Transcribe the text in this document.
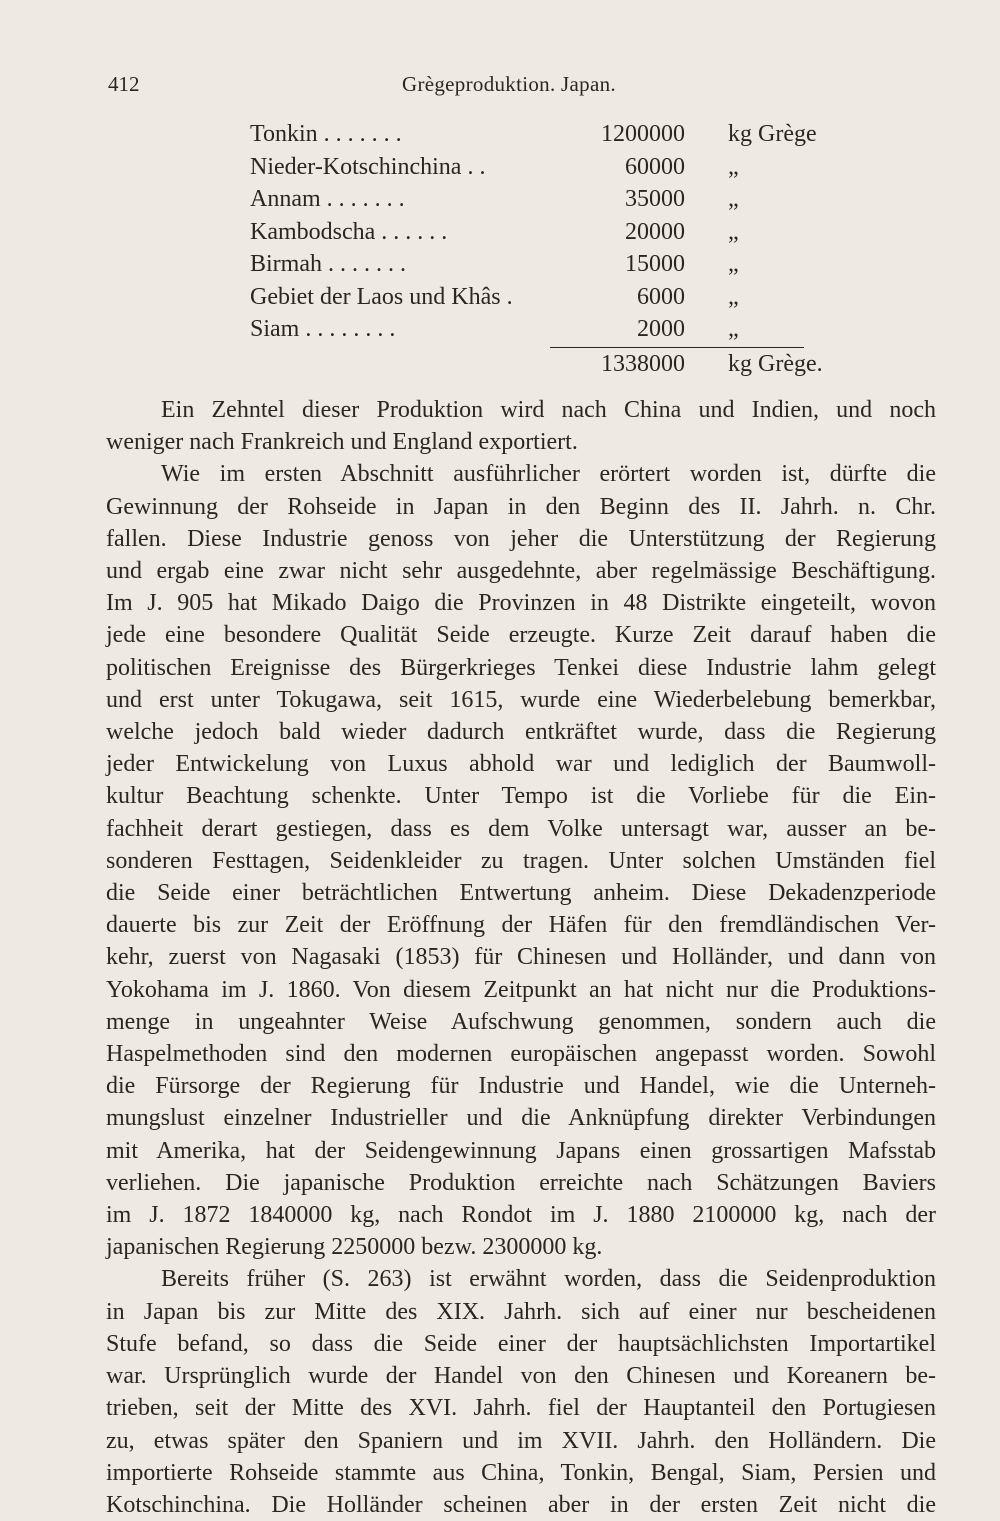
412	Grègeproduktion. Japan.
Tonkin . . . . . . .	1200000 kg Grège
Nieder-Kotschinchina . .	60000 „
Annam . . . . . . .	35000 „
Kambodscha . . . . . .	20000 „
Birmah . . . . . . .	15000 „
Gebiet der Laos und Khâs .	6000 „
Siam . . . . . . . .	2000 „
1338000 kg Grège.
Ein Zehntel dieser Produktion wird nach China und Indien, und noch
weniger nach Frankreich und England exportiert.
Wie im ersten Abschnitt ausführlicher erörtert worden ist, dürfte die
Gewinnung der Rohseide in Japan in den Beginn des II. Jahrh. n. Chr.
fallen. Diese Industrie genoss von jeher die Unterstützung der Regierung
und ergab eine zwar nicht sehr ausgedehnte, aber regelmässige Beschäftigung.
Im J. 905 hat Mikado Daigo die Provinzen in 48 Distrikte eingeteilt, wovon
jede eine besondere Qualität Seide erzeugte. Kurze Zeit darauf haben die
politischen Ereignisse des Bürgerkrieges Tenkei diese Industrie lahm gelegt
und erst unter Tokugawa, seit 1615, wurde eine Wiederbelebung bemerkbar,
welche jedoch bald wieder dadurch entkräftet wurde, dass die Regierung
jeder Entwickelung von Luxus abhold war und lediglich der Baumwoll-
kultur Beachtung schenkte. Unter Tempo ist die Vorliebe für die Ein-
fachheit derart gestiegen, dass es dem Volke untersagt war, ausser an be-
sonderen Festtagen, Seidenkleider zu tragen. Unter solchen Umständen fiel
die Seide einer beträchtlichen Entwertung anheim. Diese Dekadenzperiode
dauerte bis zur Zeit der Eröffnung der Häfen für den fremdländischen Ver-
kehr, zuerst von Nagasaki (1853) für Chinesen und Holländer, und dann von
Yokohama im J. 1860. Von diesem Zeitpunkt an hat nicht nur die Produktions-
menge in ungeahnter Weise Aufschwung genommen, sondern auch die
Haspelmethoden sind den modernen europäischen angepasst worden. Sowohl
die Fürsorge der Regierung für Industrie und Handel, wie die Unterneh-
mungslust einzelner Industrieller und die Anknüpfung direkter Verbindungen
mit Amerika, hat der Seidengewinnung Japans einen grossartigen Mafsstab
verliehen. Die japanische Produktion erreichte nach Schätzungen Baviers
im J. 1872 1840000 kg, nach Rondot im J. 1880 2100000 kg, nach der
japanischen Regierung 2250000 bezw. 2300000 kg.
Bereits früher (S. 263) ist erwähnt worden, dass die Seidenproduktion
in Japan bis zur Mitte des XIX. Jahrh. sich auf einer nur bescheidenen
Stufe befand, so dass die Seide einer der hauptsächlichsten Importartikel
war. Ursprünglich wurde der Handel von den Chinesen und Koreanern be-
trieben, seit der Mitte des XVI. Jahrh. fiel der Hauptanteil den Portugiesen
zu, etwas später den Spaniern und im XVII. Jahrh. den Holländern. Die
importierte Rohseide stammte aus China, Tonkin, Bengal, Siam, Persien und
Kotschinchina. Die Holländer scheinen aber in der ersten Zeit nicht die
